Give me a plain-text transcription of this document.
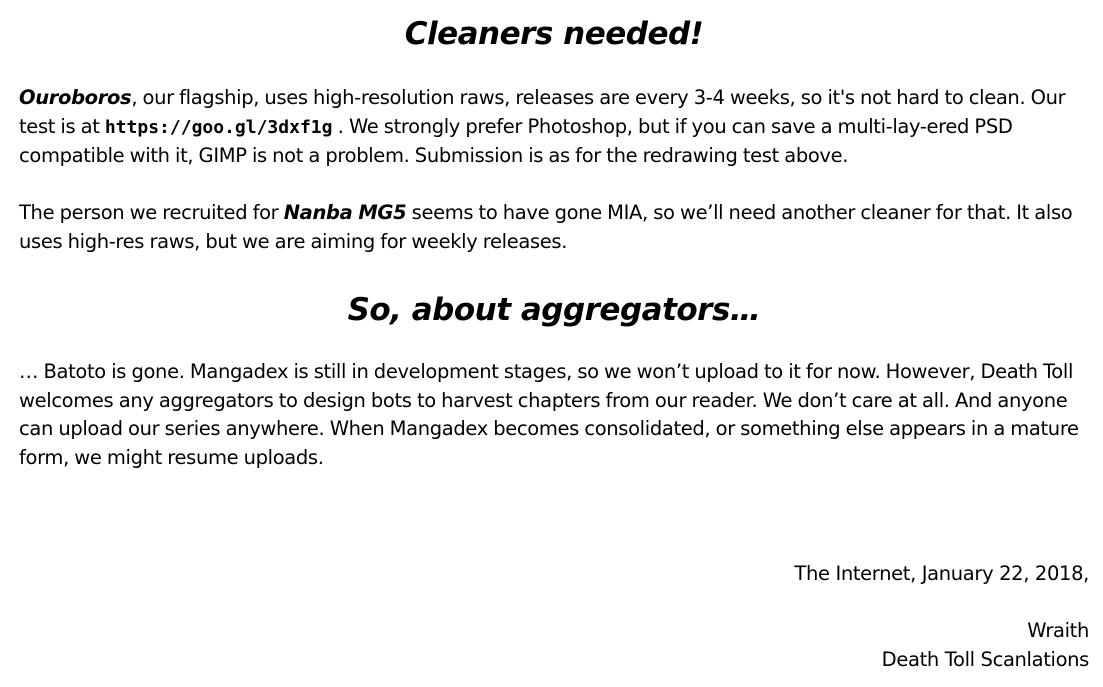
Cleaners needed!

Ouroboros, our flagship, uses high-resolution raws, releases are every 3-4 weeks, so it's not hard to clean. Our test is at https://goo.gl/3dxf1g . We strongly prefer Photoshop, but if you can save a multi-lay-ered PSD compatible with it, GIMP is not a problem. Submission is as for the redrawing test above.

The person we recruited for Nanba MG5 seems to have gone MIA, so we’ll need another cleaner for that. It also uses high-res raws, but we are aiming for weekly releases.

So, about aggregators…

… Batoto is gone. Mangadex is still in development stages, so we won’t upload to it for now. However, Death Toll welcomes any aggregators to design bots to harvest chapters from our reader. We don’t care at all. And anyone can upload our series anywhere. When Mangadex becomes consolidated, or something else appears in a mature form, we might resume uploads.

The Internet, January 22, 2018,
Wraith
Death Toll Scanlations
